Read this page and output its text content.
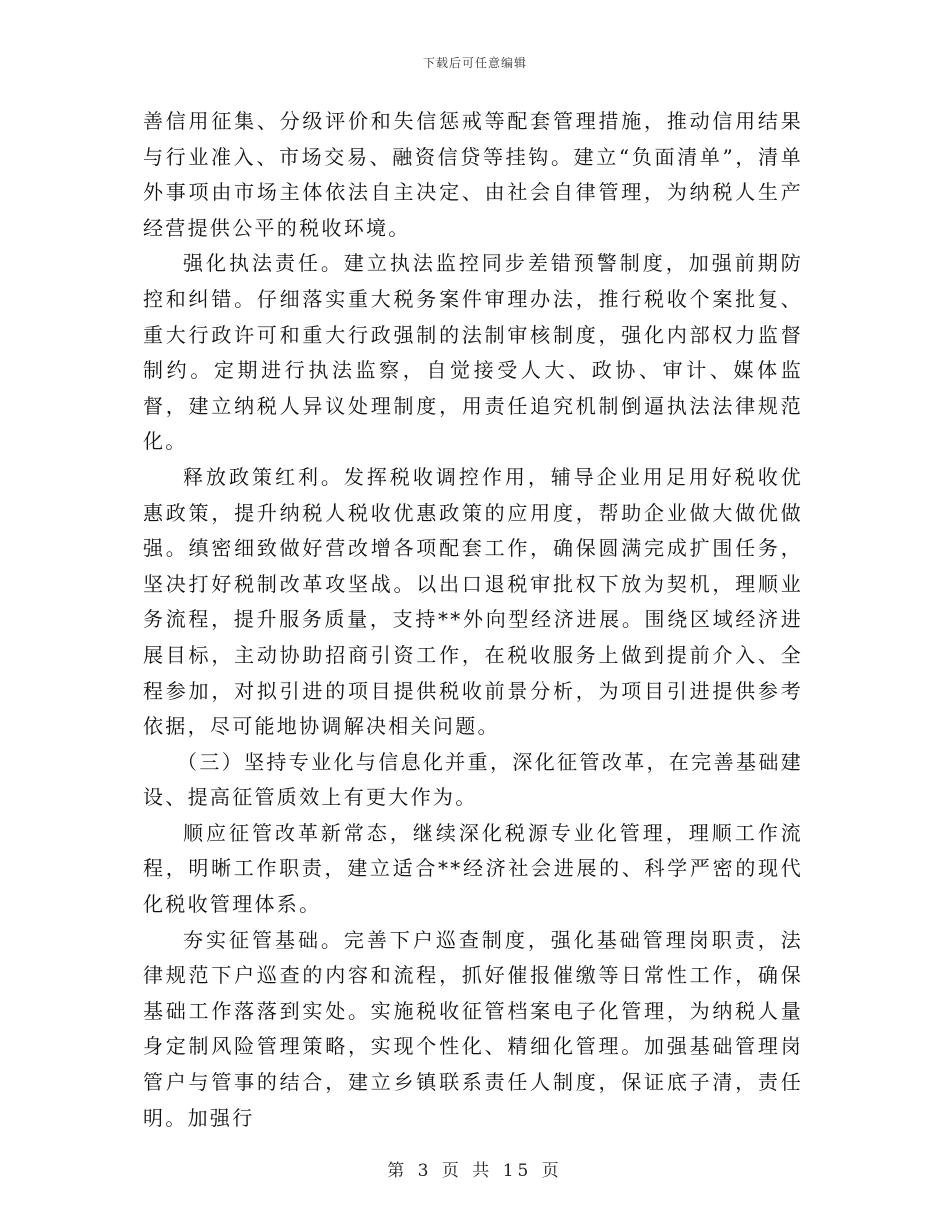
下载后可任意编辑

善信用征集、分级评价和失信惩戒等配套管理措施，推动信用结果与行业准入、市场交易、融资信贷等挂钩。建立“负面清单”，清单外事项由市场主体依法自主决定、由社会自律管理，为纳税人生产经营提供公平的税收环境。

强化执法责任。建立执法监控同步差错预警制度，加强前期防控和纠错。仔细落实重大税务案件审理办法，推行税收个案批复、重大行政许可和重大行政强制的法制审核制度，强化内部权力监督制约。定期进行执法监察，自觉接受人大、政协、审计、媒体监督，建立纳税人异议处理制度，用责任追究机制倒逼执法法律规范化。

释放政策红利。发挥税收调控作用，辅导企业用足用好税收优惠政策，提升纳税人税收优惠政策的应用度，帮助企业做大做优做强。缜密细致做好营改增各项配套工作，确保圆满完成扩围任务，坚决打好税制改革攻坚战。以出口退税审批权下放为契机，理顺业务流程，提升服务质量，支持**外向型经济进展。围绕区域经济进展目标，主动协助招商引资工作，在税收服务上做到提前介入、全程参加，对拟引进的项目提供税收前景分析，为项目引进提供参考依据，尽可能地协调解决相关问题。

（三）坚持专业化与信息化并重，深化征管改革，在完善基础建设、提高征管质效上有更大作为。

顺应征管改革新常态，继续深化税源专业化管理，理顺工作流程，明晰工作职责，建立适合**经济社会进展的、科学严密的现代化税收管理体系。

夯实征管基础。完善下户巡查制度，强化基础管理岗职责，法律规范下户巡查的内容和流程，抓好催报催缴等日常性工作，确保基础工作落落到实处。实施税收征管档案电子化管理，为纳税人量身定制风险管理策略，实现个性化、精细化管理。加强基础管理岗管户与管事的结合，建立乡镇联系责任人制度，保证底子清，责任明。加强行

第 3 页 共 15 页
